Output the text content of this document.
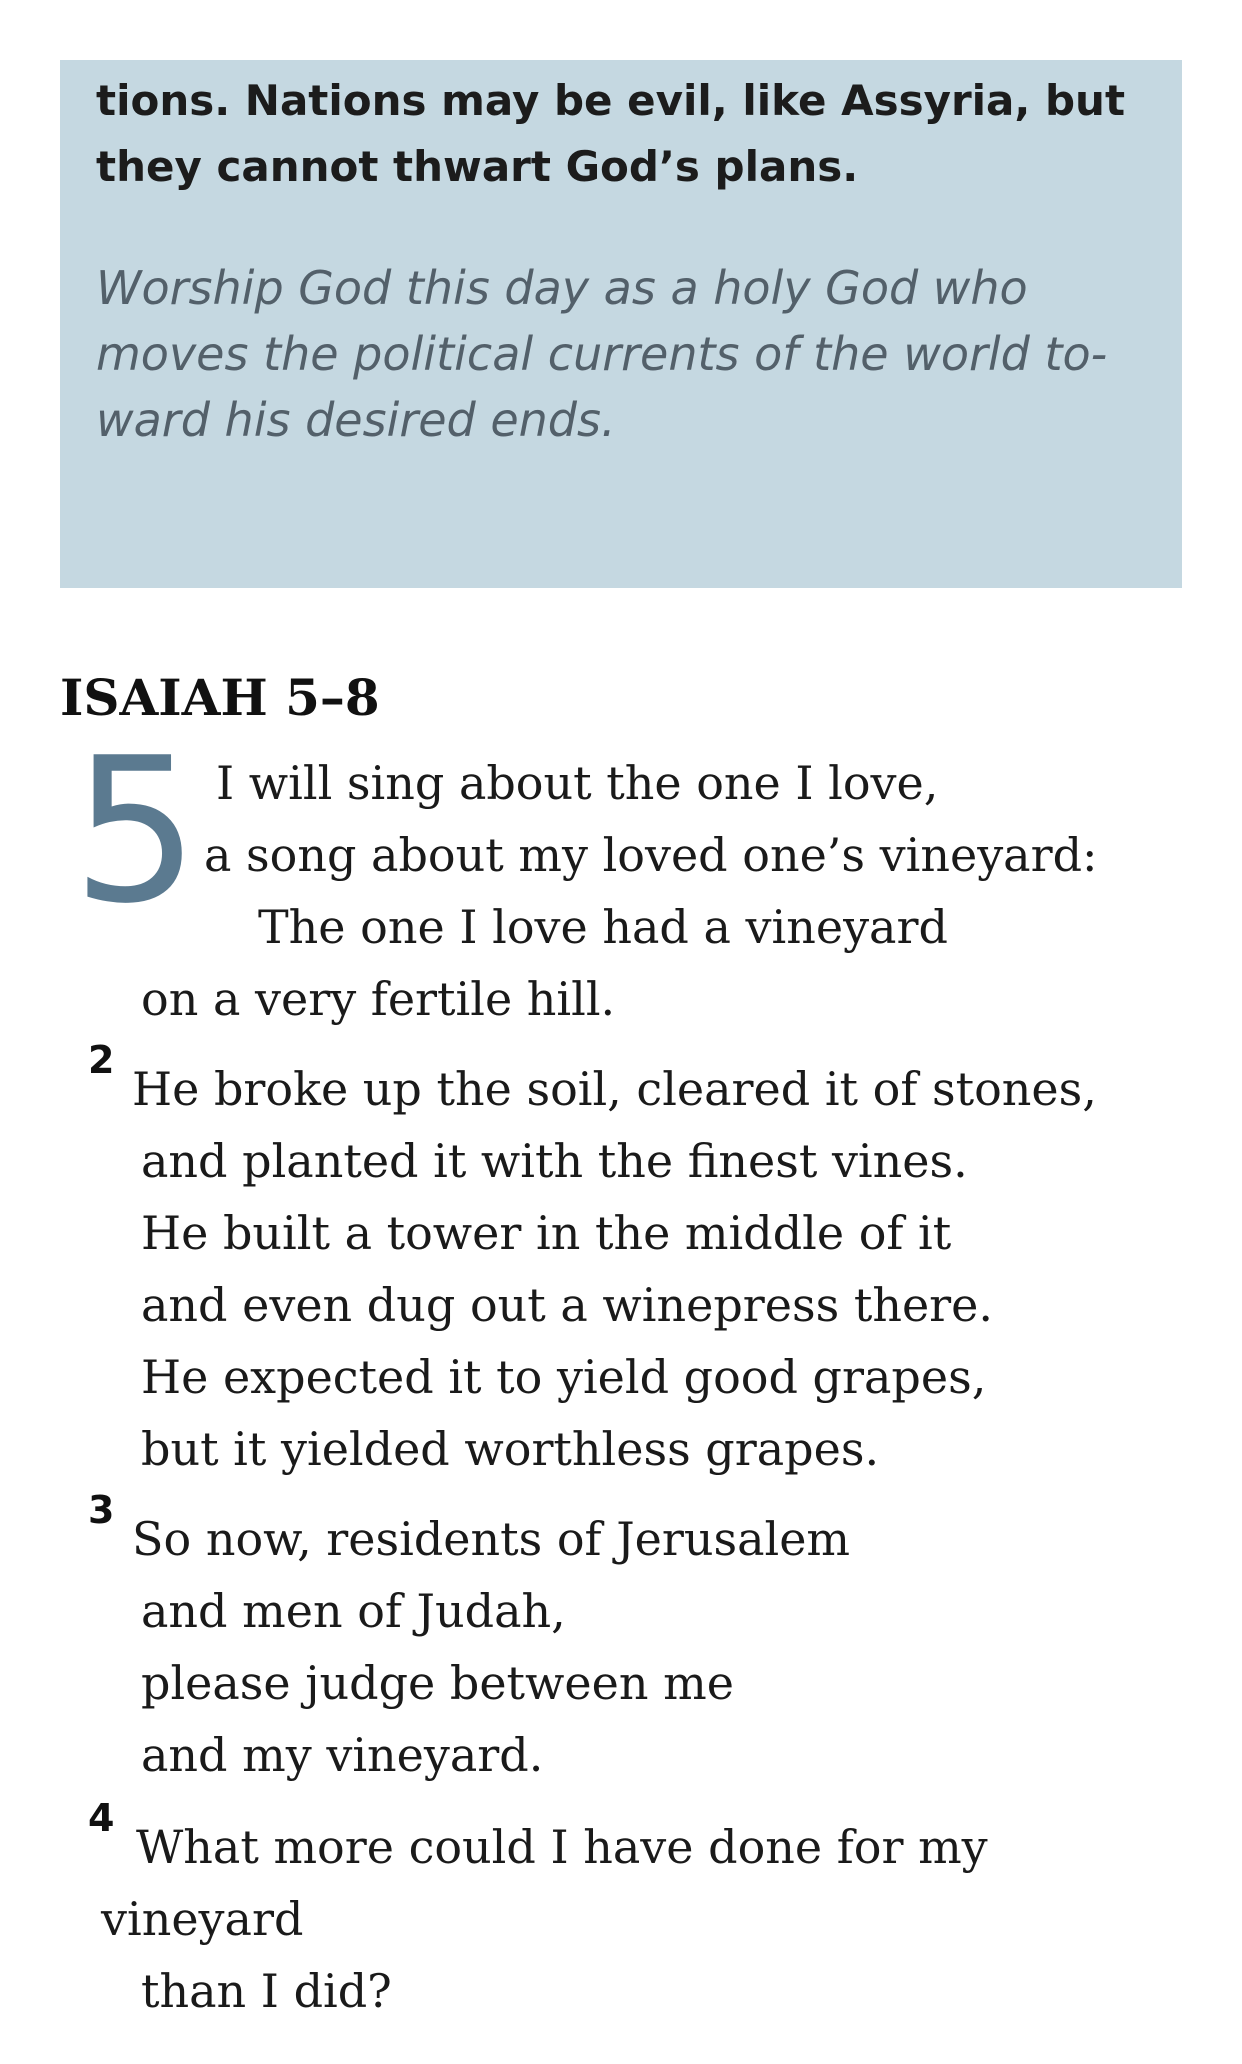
tions. Nations may be evil, like Assyria, but
they cannot thwart God’s plans.
Worship God this day as a holy God who
moves the political currents of the world to-
ward his desired ends.
ISAIAH 5–8
5 I will sing about the one I love,
a song about my loved one’s vineyard:
The one I love had a vineyard
on a very fertile hill.
2
He broke up the soil, cleared it of stones,
and planted it with the finest vines.
He built a tower in the middle of it
and even dug out a winepress there.
He expected it to yield good grapes,
but it yielded worthless grapes.
3
So now, residents of Jerusalem
and men of Judah,
please judge between me
and my vineyard.
4
What more could I have done for my
vineyard
than I did?
